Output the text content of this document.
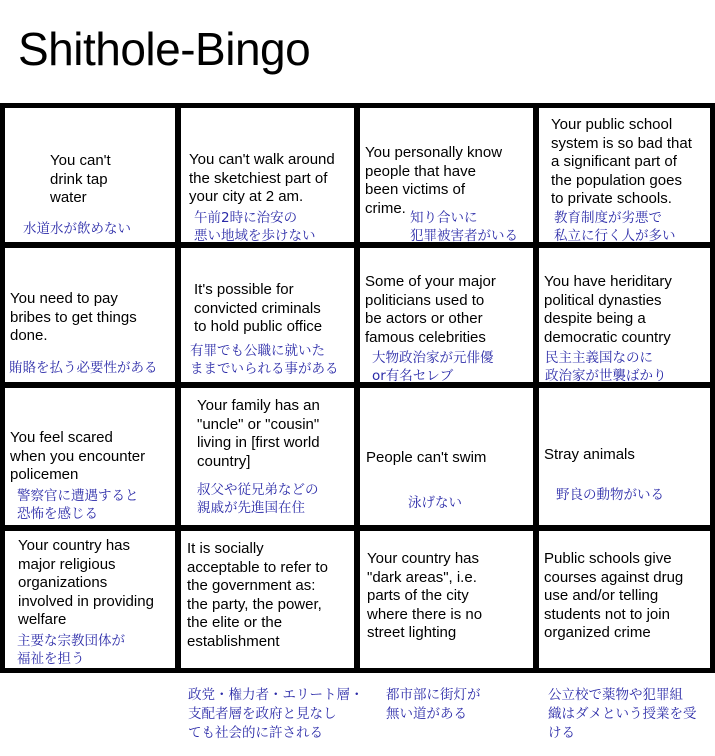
Shithole-Bingo
You can't
drink tap
water
水道水が飲めない
You can't walk around
the sketchiest part of
your city at 2 am.
午前2時に治安の
悪い地域を歩けない
You personally know
people that have
been victims of
crime.
知り合いに
犯罪被害者がいる
Your public school
system is so bad that
a significant part of
the population goes
to private schools.
教育制度が劣悪で
私立に行く人が多い
You need to pay
bribes to get things
done.
賄賂を払う必要性がある
It's possible for
convicted criminals
to hold public office
有罪でも公職に就いた
ままでいられる事がある
Some of your major
politicians used to
be actors or other
famous celebrities
大物政治家が元俳優
or有名セレブ
You have heriditary
political dynasties
despite being a
democratic country
民主主義国なのに
政治家が世襲ばかり
You feel scared
when you encounter
policemen
警察官に遭遇すると
恐怖を感じる
Your family has an
"uncle" or "cousin"
living in [first world
country]
叔父や従兄弟などの
親戚が先進国在住
People can't swim
泳げない
Stray animals
野良の動物がいる
Your country has
major religious
organizations
involved in providing
welfare
主要な宗教団体が
福祉を担う
It is socially
acceptable to refer to
the government as:
the party, the power,
the elite or the
establishment
Your country has
"dark areas", i.e.
parts of the city
where there is no
street lighting
Public schools give
courses against drug
use and/or telling
students not to join
organized crime
政党・権力者・エリート層・
支配者層を政府と見なし
ても社会的に許される
都市部に街灯が
無い道がある
公立校で薬物や犯罪組
織はダメという授業を受
ける
